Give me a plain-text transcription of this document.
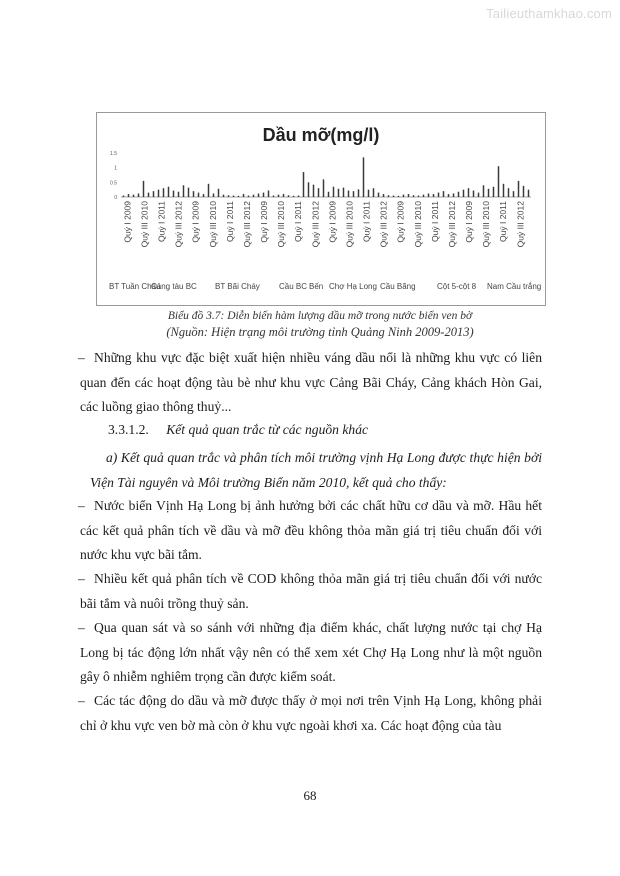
Tailieuthamkhao.com
Dầu mỡ(mg/l)
1.5
1
0.5
0
Quý I 2009 Quý III 2010 Quý I 2011 Quý III 2012 Quý I 2009 Quý III 2010 Quý I 2011 Quý III 2012 Quý I 2009 Quý III 2010 Quý I 2011 Quý III 2012 Quý I 2009 Quý III 2010 Quý I 2011 Quý III 2012 Quý I 2009 Quý III 2010 Quý I 2011 Quý III 2012 Quý I 2009 Quý III 2010 Quý I 2011 Quý III 2012
BT Tuần Châu
Cảng tàu BC BT Bãi Cháy Cầu BC Bến Chợ Hạ Long Cầu Bãng	Cột 5-cột 8 Nam Cầu trắng
Biểu đồ 3.7: Diễn biến hàm lượng dầu mỡ trong nước biển ven bờ
(Nguồn: Hiện trạng môi trường tỉnh Quảng Ninh 2009-2013)
– Những khu vực đặc biệt xuất hiện nhiều váng dầu nổi là những khu vực có liên quan đến các hoạt động tàu bè như khu vực Cảng Bãi Cháy, Cảng khách Hòn Gai, các luồng giao thông thuỷ...
3.3.1.2. Kết quả quan trắc từ các nguồn khác
a) Kết quả quan trắc và phân tích môi trường vịnh Hạ Long được thực hiện bởi Viện Tài nguyên và Môi trường Biển năm 2010, kết quả cho thấy:
– Nước biển Vịnh Hạ Long bị ảnh hưởng bởi các chất hữu cơ dầu và mỡ. Hầu hết các kết quả phân tích về dầu và mỡ đều không thỏa mãn giá trị tiêu chuẩn đối với nước khu vực bãi tắm.
– Nhiều kết quả phân tích về COD không thỏa mãn giá trị tiêu chuẩn đối với nước bãi tắm và nuôi trồng thuỷ sản.
– Qua quan sát và so sánh với những địa điểm khác, chất lượng nước tại chợ Hạ Long bị tác động lớn nhất vậy nên có thể xem xét Chợ Hạ Long như là một nguồn gây ô nhiễm nghiêm trọng cần được kiểm soát.
– Các tác động do dầu và mỡ được thấy ở mọi nơi trên Vịnh Hạ Long, không phải chỉ ở khu vực ven bờ mà còn ở khu vực ngoài khơi xa. Các hoạt động của tàu
68
